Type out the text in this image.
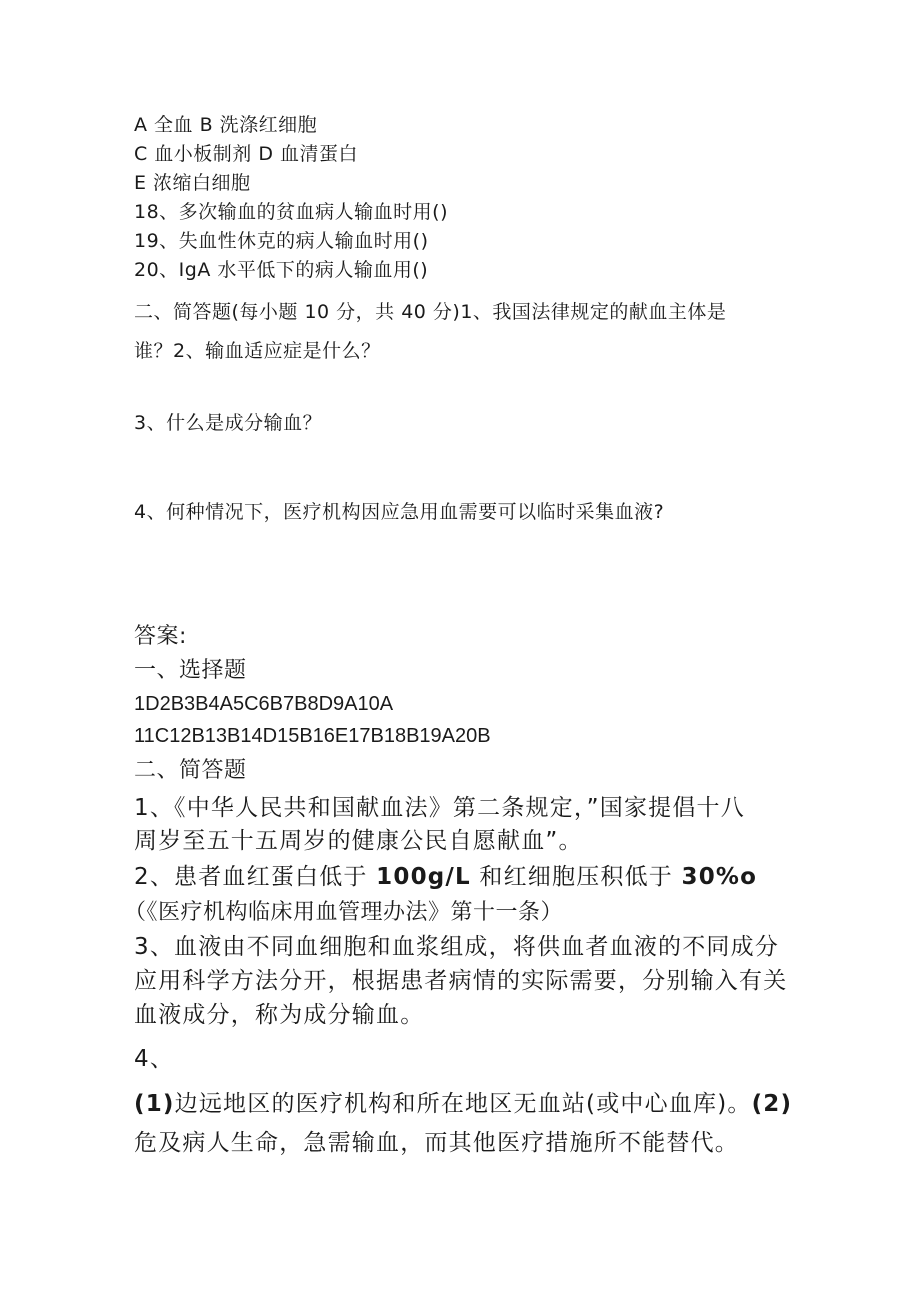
A 全血 B 洗涤红细胞
C 血小板制剂 D 血清蛋白
E 浓缩白细胞
18、多次输血的贫血病人输血时用()
19、失血性休克的病人输血时用()
20、IgA 水平低下的病人输血用()
二、简答题(每小题 10 分，共 40 分)1、我国法律规定的献血主体是
谁？2、输血适应症是什么？
3、什么是成分输血？
4、何种情况下，医疗机构因应急用血需要可以临时采集血液?
答案:
一、选择题
1D2B3B4A5C6B7B8D9A10A
11C12B13B14D15B16E17B18B19A20B
二、简答题
1、《中华人民共和国献血法》第二条规定，”国家提倡十八
周岁至五十五周岁的健康公民自愿献血”。
2、患者血红蛋白低于 100g/L 和红细胞压积低于 30%o
（《医疗机构临床用血管理办法》第十一条）
3、血液由不同血细胞和血浆组成，将供血者血液的不同成分
应用科学方法分开，根据患者病情的实际需要，分别输入有关
血液成分，称为成分输血。
4、
(1)边远地区的医疗机构和所在地区无血站(或中心血库)。(2)
危及病人生命，急需输血，而其他医疗措施所不能替代。
